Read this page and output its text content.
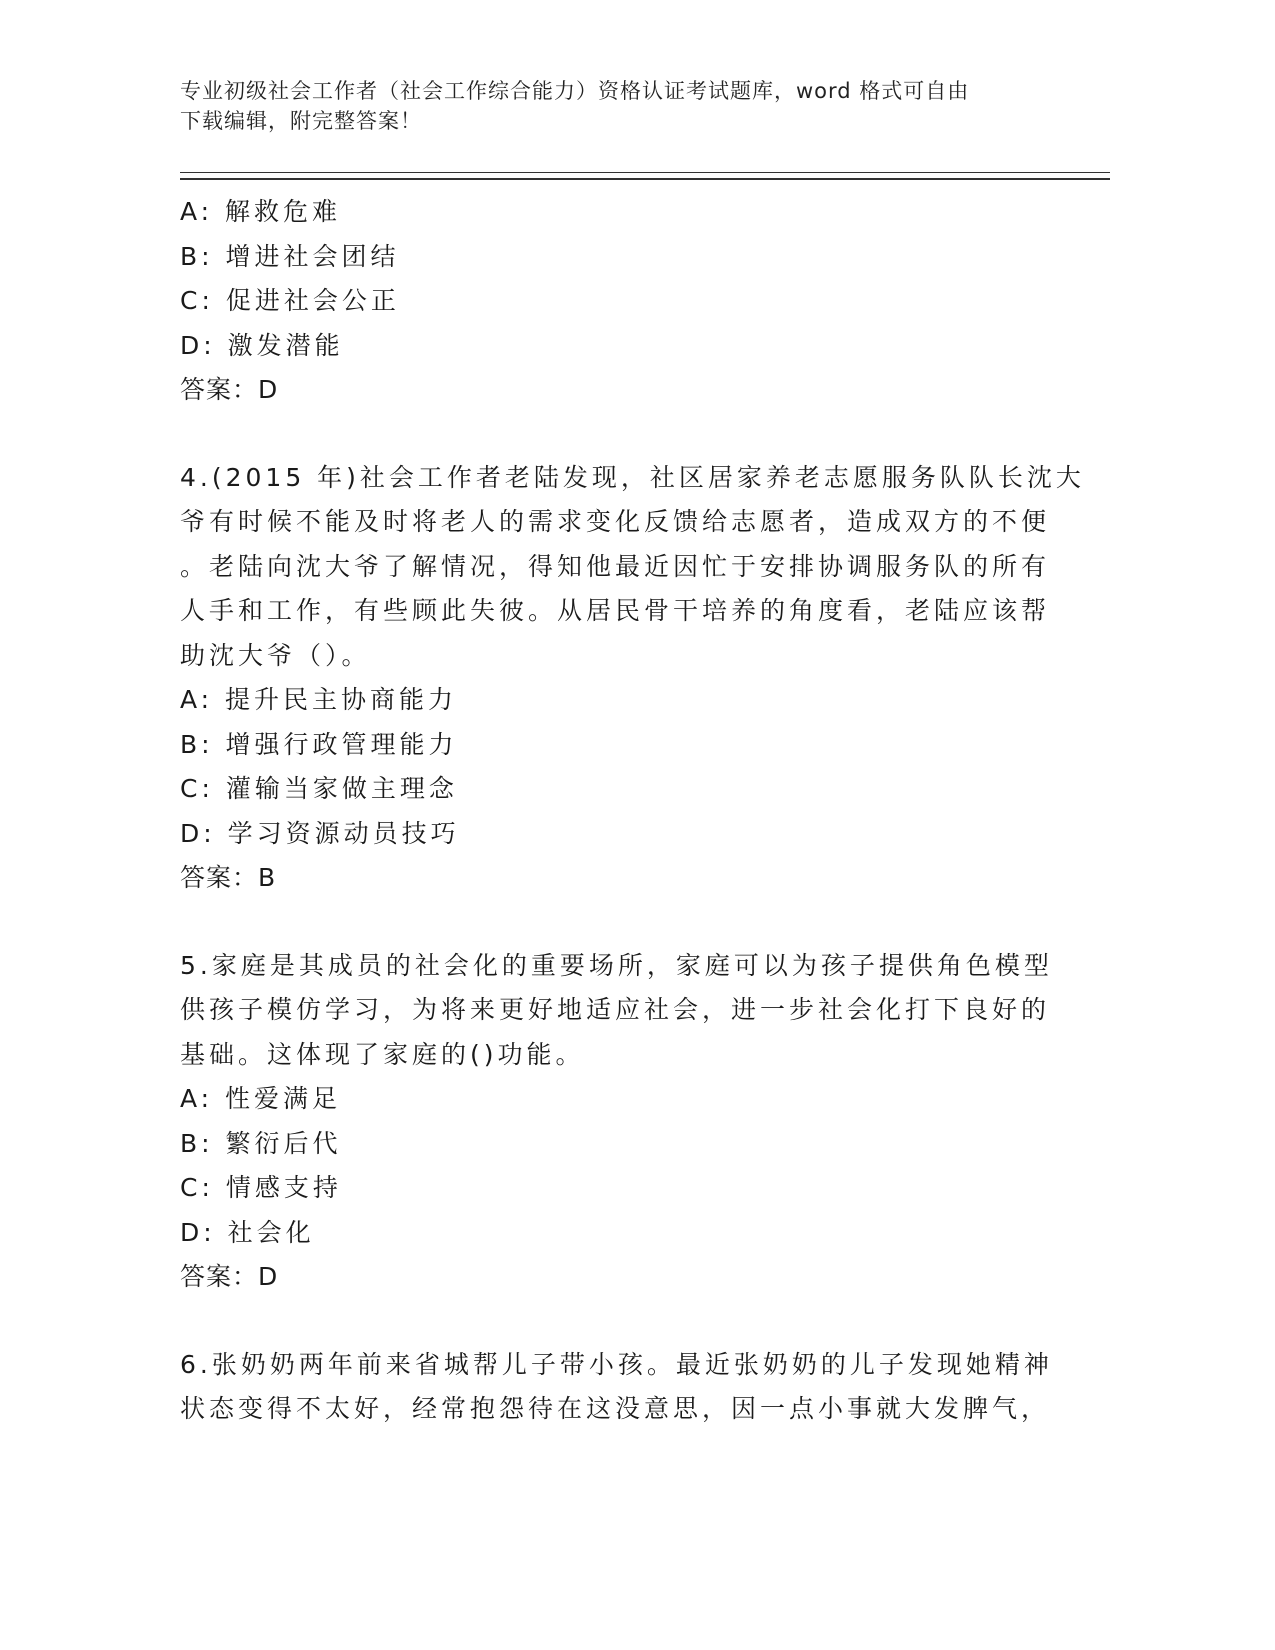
专业初级社会工作者（社会工作综合能力）资格认证考试题库，word 格式可自由
下载编辑，附完整答案！

A: 解救危难

B: 增进社会团结

C: 促进社会公正

D: 激发潜能

答案：D

4.(2015 年)社会工作者老陆发现，社区居家养老志愿服务队队长沈大
爷有时候不能及时将老人的需求变化反馈给志愿者，造成双方的不便
。老陆向沈大爷了解情况，得知他最近因忙于安排协调服务队的所有
人手和工作，有些顾此失彼。从居民骨干培养的角度看，老陆应该帮
助沈大爷（）。

A: 提升民主协商能力

B: 增强行政管理能力

C: 灌输当家做主理念

D: 学习资源动员技巧

答案：B

5.家庭是其成员的社会化的重要场所，家庭可以为孩子提供角色模型
供孩子模仿学习，为将来更好地适应社会，进一步社会化打下良好的
基础。这体现了家庭的()功能。

A: 性爱满足

B: 繁衍后代

C: 情感支持

D: 社会化

答案：D

6.张奶奶两年前来省城帮儿子带小孩。最近张奶奶的儿子发现她精神
状态变得不太好，经常抱怨待在这没意思，因一点小事就大发脾气，
